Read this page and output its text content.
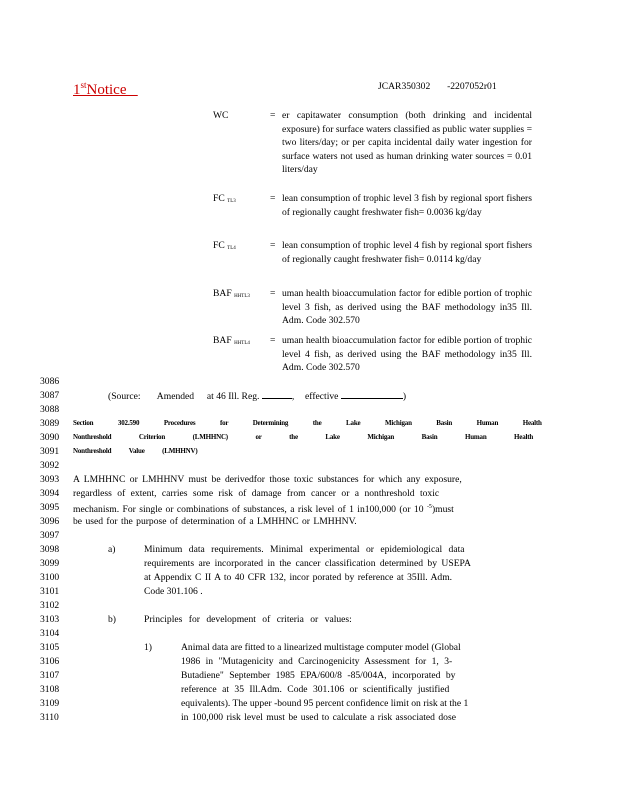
1stNotice	JCAR350302 -2207052r01
WC	= er capitawater consumption (both drinking and incidental exposure) for surface waters classified as public water supplies = two liters/day; or per capita incidental daily water ingestion for surface waters not used as human drinking water sources = 0.01 liters/day
FC $_{TL3}$	= lean consumption of trophic level 3 fish by regional sport fishers of regionally caught freshwater fish= 0.0036 kg/day
FC $_{TL4}$	= lean consumption of trophic level 4 fish by regional sport fishers of regionally caught freshwater fish= 0.0114 kg/day
BAF $_{HHTL3}$ = uman health bioaccumulation factor for edible portion of trophic level 3 fish, as derived using the BAF methodology in35 Ill. Adm. Code 302.570
BAF $_{HHTL4}$ = uman health bioaccumulation factor for edible portion of trophic level 4 fish, as derived using the BAF methodology in35 Ill. Adm. Code 302.570
3086
3087
3088
3089
3090
3091
3092
3093
3094
3095
3096
3097
3098
3099
3100
3101
3102
3103
3104
3105
3106
3107
3108
3109
3110
(Source: Amended at 46 Ill. Reg.	, effective	)
Section 302.590 Procedures for Determining the Lake Michigan Basin Human Health
Nonthreshold Criterion (LMHHNC) or the Lake Michigan Basin Human Health
Nonthreshold Value (LMHHNV)
A LMHHNC or LMHHNV must be derivedfor those toxic substances for which any exposure,
regardless of extent, carries some risk of damage from cancer or a nonthreshold toxic
mechanism. For single or combinations of substances, a risk level of 1 in100,000 (or 10 $^{-5}$)must
be used for the purpose of determination of a LMHHNC or LMHHNV.
a)	Minimum data requirements. Minimal experimental or epidemiological data
requirements are incorporated in the cancer classification determined by USEPA
at Appendix C II A to 40 CFR 132, incor porated by reference at 35Ill. Adm.
Code 301.106 .
b)	Principles for development of criteria or values:
1)	Animal data are fitted to a linearized multistage computer model (Global
1986 in "Mutagenicity and Carcinogenicity Assessment for 1, 3-
Butadiene" September 1985 EPA/600/8 -85/004A, incorporated by
reference at 35 Ill.Adm. Code 301.106 or scientifically justified
equivalents). The upper -bound 95 percent confidence limit on risk at the 1
in 100,000 risk level must be used to calculate a risk associated dose
